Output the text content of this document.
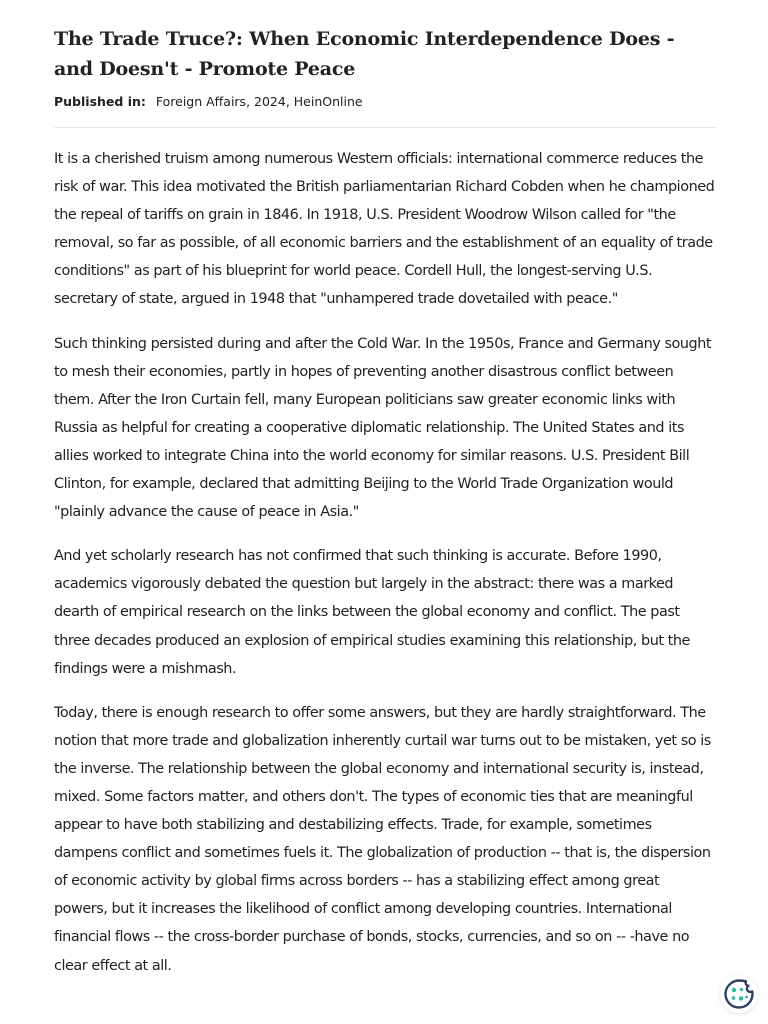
The Trade Truce?: When Economic Interdependence Does - and Doesn't - Promote Peace

Published in: Foreign Affairs, 2024, HeinOnline

It is a cherished truism among numerous Western officials: international commerce reduces the risk of war. This idea motivated the British parliamentarian Richard Cobden when he championed the repeal of tariffs on grain in 1846. In 1918, U.S. President Woodrow Wilson called for "the removal, so far as possible, of all economic barriers and the establishment of an equality of trade conditions" as part of his blueprint for world peace. Cordell Hull, the longest-serving U.S. secretary of state, argued in 1948 that "unhampered trade dovetailed with peace."

Such thinking persisted during and after the Cold War. In the 1950s, France and Germany sought to mesh their economies, partly in hopes of preventing another disastrous conflict between them. After the Iron Curtain fell, many European politicians saw greater economic links with Russia as helpful for creating a cooperative diplomatic relationship. The United States and its allies worked to integrate China into the world economy for similar reasons. U.S. President Bill Clinton, for example, declared that admitting Beijing to the World Trade Organization would "plainly advance the cause of peace in Asia."

And yet scholarly research has not confirmed that such thinking is accurate. Before 1990, academics vigorously debated the question but largely in the abstract: there was a marked dearth of empirical research on the links between the global economy and conflict. The past three decades produced an explosion of empirical studies examining this relationship, but the findings were a mishmash.

Today, there is enough research to offer some answers, but they are hardly straightforward. The notion that more trade and globalization inherently curtail war turns out to be mistaken, yet so is the inverse. The relationship between the global economy and international security is, instead, mixed. Some factors matter, and others don't. The types of economic ties that are meaningful appear to have both stabilizing and destabilizing effects. Trade, for example, sometimes dampens conflict and sometimes fuels it. The globalization of production -- that is, the dispersion of economic activity by global firms across borders -- has a stabilizing effect among great powers, but it increases the likelihood of conflict among developing countries. International financial flows -- the cross-border purchase of bonds, stocks, currencies, and so on -- -have no clear effect at all.
